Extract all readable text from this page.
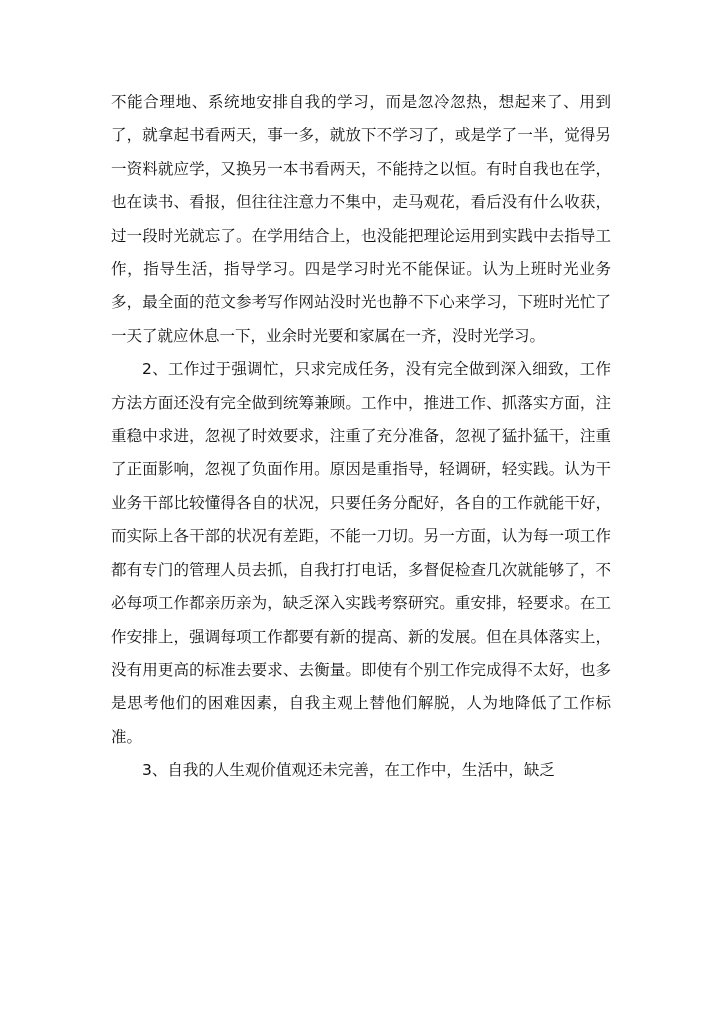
不能合理地、系统地安排自我的学习，而是忽冷忽热，想起来了、用到了，就拿起书看两天，事一多，就放下不学习了，或是学了一半，觉得另一资料就应学，又换另一本书看两天，不能持之以恒。有时自我也在学，也在读书、看报，但往往注意力不集中，走马观花，看后没有什么收获，过一段时光就忘了。在学用结合上，也没能把理论运用到实践中去指导工作，指导生活，指导学习。四是学习时光不能保证。认为上班时光业务多，最全面的范文参考写作网站没时光也静不下心来学习，下班时光忙了一天了就应休息一下，业余时光要和家属在一齐，没时光学习。

2、工作过于强调忙，只求完成任务，没有完全做到深入细致，工作方法方面还没有完全做到统筹兼顾。工作中，推进工作、抓落实方面，注重稳中求进，忽视了时效要求，注重了充分准备，忽视了猛扑猛干，注重了正面影响，忽视了负面作用。原因是重指导，轻调研，轻实践。认为干业务干部比较懂得各自的状况，只要任务分配好，各自的工作就能干好，而实际上各干部的状况有差距，不能一刀切。另一方面，认为每一项工作都有专门的管理人员去抓，自我打打电话，多督促检查几次就能够了，不必每项工作都亲历亲为，缺乏深入实践考察研究。重安排，轻要求。在工作安排上，强调每项工作都要有新的提高、新的发展。但在具体落实上，没有用更高的标准去要求、去衡量。即使有个别工作完成得不太好，也多是思考他们的困难因素，自我主观上替他们解脱，人为地降低了工作标准。

3、自我的人生观价值观还未完善，在工作中，生活中，缺乏
